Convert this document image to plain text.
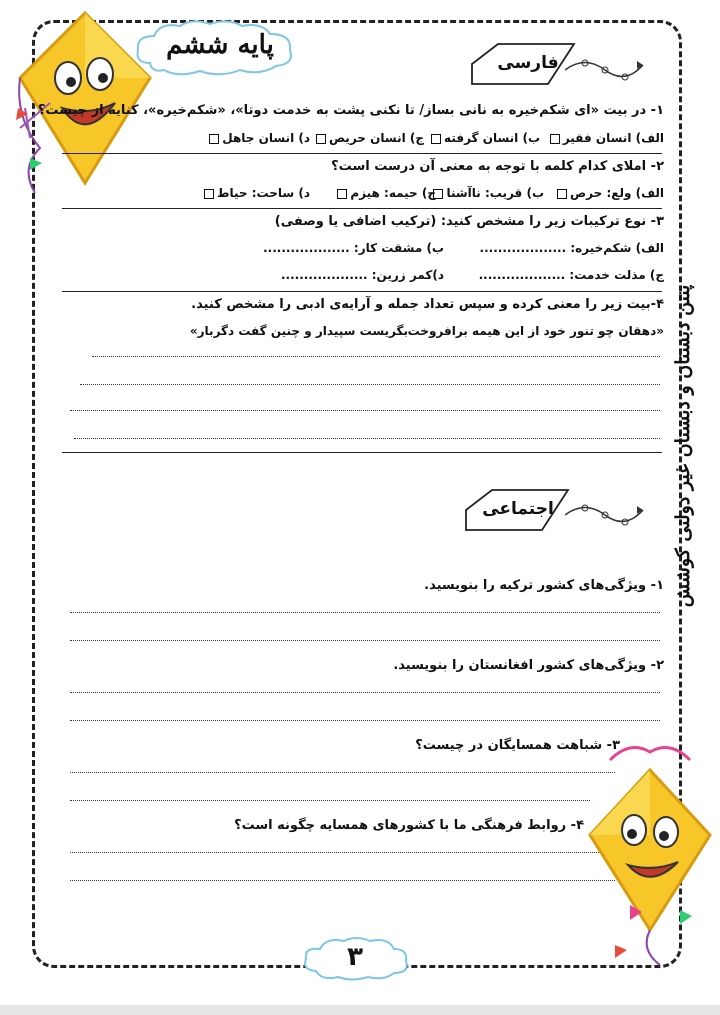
پایه ششم
پنتن دبستان و دبستان غیر دولتی کوشش
فارسی
۱- در بیت «ای شکم‌خیره به نانی بساز/ تا نکنی پشت به خدمت دوتا»، «شکم‌خیره»، کنایه از چیست؟
الف) انسان فقیر
ب) انسان گرفته
ج) انسان حریص
د) انسان جاهل
۲- املای کدام کلمه با توجه به معنی آن درست است؟
الف) ولع: حرص
ب) قریب: ناآشنا
ج) حیمه: هیزم
د) ساحت: حیاط
۳- نوع ترکیبات زیر را مشخص کنید: (ترکیب اضافی یا وصفی)
الف) شکم‌خیره: ...................
ب) مشقت کار: ...................
ج) مذلت خدمت: ...................
د)کمر زرین: ...................
۴-بیت زیر را معنی کرده و سپس تعداد جمله و آرایه‌ی ادبی را مشخص کنید.
«دهقان چو تنور خود از این هیمه برافروخت
بگریست سپیدار و چنین گفت دگربار»
اجتماعی
۱- ویژگی‌های کشور ترکیه را بنویسید.
۲- ویژگی‌های کشور افغانستان را بنویسید.
۳- شباهت همسایگان در چیست؟
۴- روابط فرهنگی ما با کشورهای همسایه چگونه است؟
۳
